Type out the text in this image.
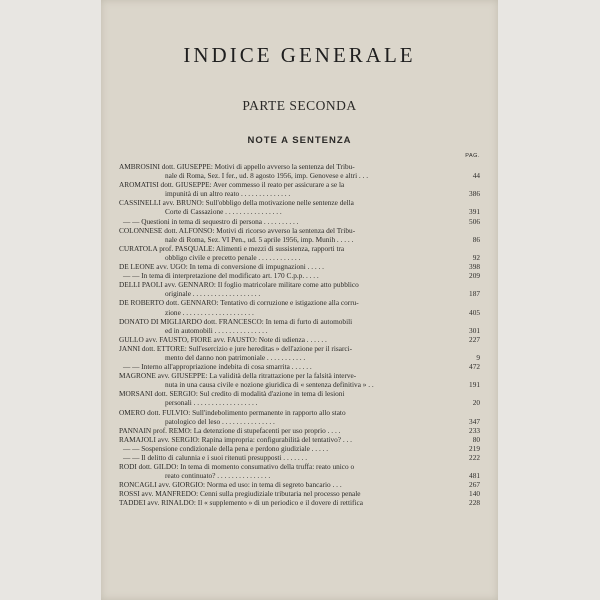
INDICE GENERALE
PARTE SECONDA
NOTE A SENTENZA
PAG.
AMBROSINI dott. GIUSEPPE: Motivi di appello avverso la sentenza del Tribu-
nale di Roma, Sez. I fer., ud. 8 agosto 1956, imp. Genovese e altri . . .	44
AROMATISI dott. GIUSEPPE: Aver commesso il reato per assicurare a se la
impunità di un altro reato . . . . . . . . . . . . . .	386
CASSINELLI avv. BRUNO: Sull'obbligo della motivazione nelle sentenze della
Corte di Cassazione . . . . . . . . . . . . . . . .	391
— — Questioni in tema di sequestro di persona . . . . . . . . . .	506
COLONNESE dott. ALFONSO: Motivi di ricorso avverso la sentenza del Tribu-
nale di Roma, Sez. VI Pen., ud. 5 aprile 1956, imp. Munih . . . . .	86
CURATOLA prof. PASQUALE: Alimenti e mezzi di sussistenza, rapporti tra
obbligo civile e precetto penale . . . . . . . . . . . .	92
DE LEONE avv. UGO: In tema di conversione di impugnazioni . . . . .	398
— — In tema di interpretazione del modificato art. 170 C.p.p. . . . .	209
DELLI PAOLI avv. GENNARO: Il foglio matricolare militare come atto pubblico
originale . . . . . . . . . . . . . . . . . . .	187
DE ROBERTO dott. GENNARO: Tentativo di corruzione e istigazione alla corru-
zione . . . . . . . . . . . . . . . . . . . .	405
DONATO DI MIGLIARDO dott. FRANCESCO: In tema di furto di automobili
ed in automobili . . . . . . . . . . . . . . .	301
GULLO avv. FAUSTO, FIORE avv. FAUSTO: Note di udienza . . . . . .	227
JANNI dott. ETTORE: Sull'esercizio e jure hereditas » dell'azione per il risarci-
mento del danno non patrimoniale . . . . . . . . . . .	9
— — Interno all'appropriazione indebita di cosa smarrita . . . . . .	472
MAGRONE avv. GIUSEPPE: La validità della ritrattazione per la falsità interve-
nuta in una causa civile e nozione giuridica di « sentenza definitiva » . .	191
MORSANI dott. SERGIO: Sul credito di modalità d'azione in tema di lesioni
personali . . . . . . . . . . . . . . . . . .	20
OMERO dott. FULVIO: Sull'indebolimento permanente in rapporto allo stato
patologico del leso . . . . . . . . . . . . . . .	347
PANNAIN prof. REMO: La detenzione di stupefacenti per uso proprio . . . .	233
RAMAJOLI avv. SERGIO: Rapina impropria: configurabilità del tentativo? . . .	80
— — Sospensione condizionale della pena e perdono giudiziale . . . . .	219
— — Il delitto di calunnia e i suoi ritenuti presupposti . . . . . . .	222
RODI dott. GILDO: In tema di momento consumativo della truffa: reato unico o
reato continuato? . . . . . . . . . . . . . . .	481
RONCAGLI avv. GIORGIO: Norma ed uso: in tema di segreto bancario . . .	267
ROSSI avv. MANFREDO: Cenni sulla pregiudiziale tributaria nel processo penale	140
TADDEI avv. RINALDO: Il « supplemento » di un periodico e il dovere di rettifica	228
